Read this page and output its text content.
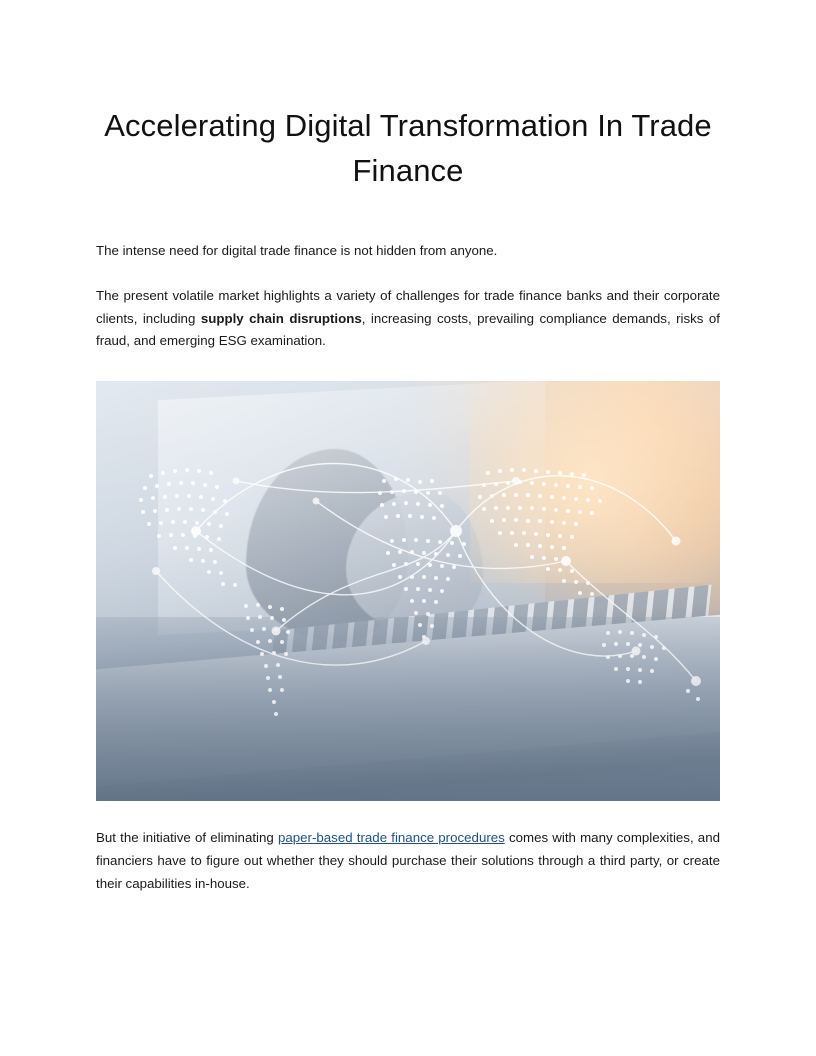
Accelerating Digital Transformation In Trade Finance

The intense need for digital trade finance is not hidden from anyone.

The present volatile market highlights a variety of challenges for trade finance banks and their corporate clients, including supply chain disruptions, increasing costs, prevailing compliance demands, risks of fraud, and emerging ESG examination.

But the initiative of eliminating paper-based trade finance procedures comes with many complexities, and financiers have to figure out whether they should purchase their solutions through a third party, or create their capabilities in-house.
